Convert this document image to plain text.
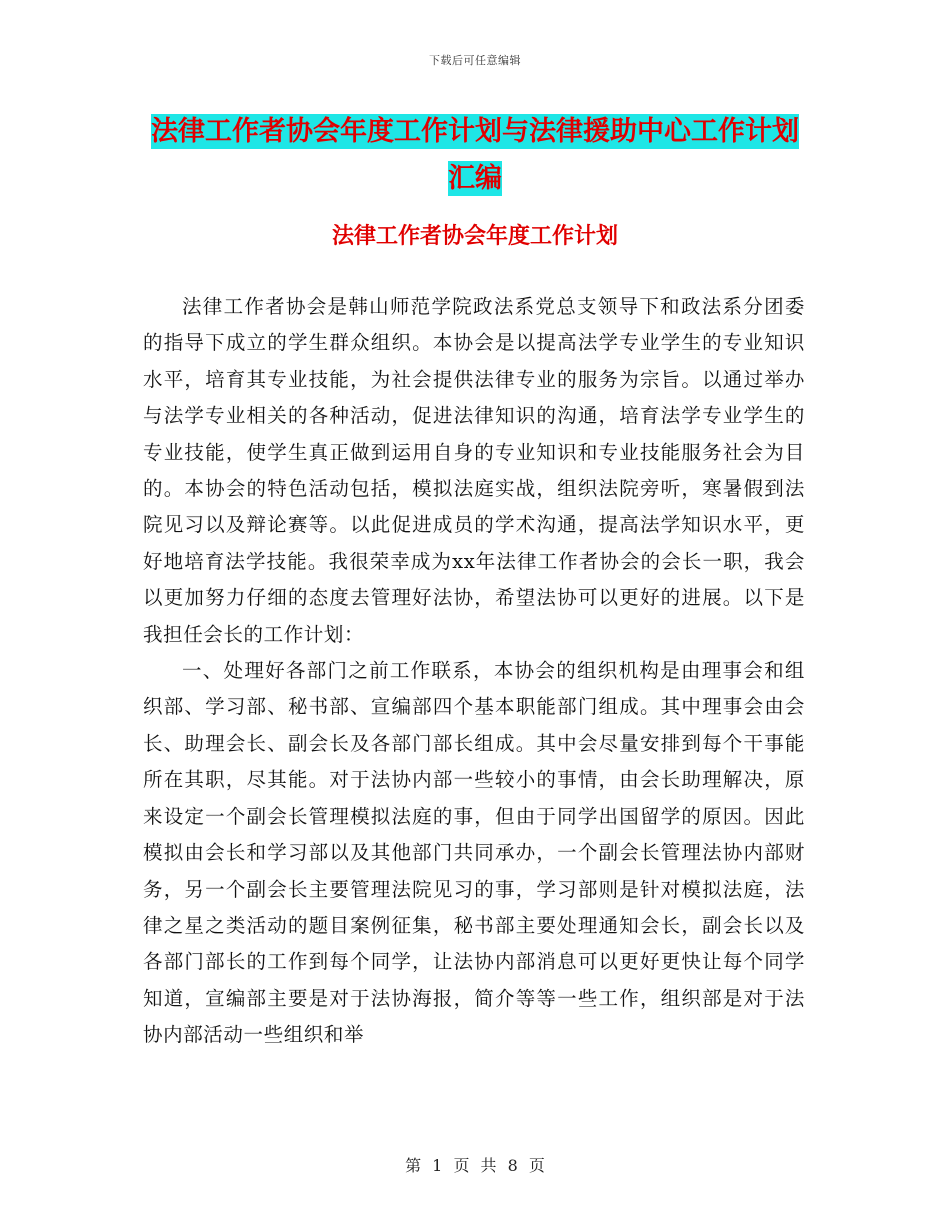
下载后可任意编辑
法律工作者协会年度工作计划与法律援助中心工作计划汇编
法律工作者协会年度工作计划

法律工作者协会是韩山师范学院政法系党总支领导下和政法系分团委的指导下成立的学生群众组织。本协会是以提高法学专业学生的专业知识水平，培育其专业技能，为社会提供法律专业的服务为宗旨。以通过举办与法学专业相关的各种活动，促进法律知识的沟通，培育法学专业学生的专业技能，使学生真正做到运用自身的专业知识和专业技能服务社会为目的。本协会的特色活动包括，模拟法庭实战，组织法院旁听，寒暑假到法院见习以及辩论赛等。以此促进成员的学术沟通，提高法学知识水平，更好地培育法学技能。我很荣幸成为xx年法律工作者协会的会长一职，我会以更加努力仔细的态度去管理好法协，希望法协可以更好的进展。以下是我担任会长的工作计划：

一、处理好各部门之前工作联系，本协会的组织机构是由理事会和组织部、学习部、秘书部、宣编部四个基本职能部门组成。其中理事会由会长、助理会长、副会长及各部门部长组成。其中会尽量安排到每个干事能所在其职，尽其能。对于法协内部一些较小的事情，由会长助理解决，原来设定一个副会长管理模拟法庭的事，但由于同学出国留学的原因。因此模拟由会长和学习部以及其他部门共同承办，一个副会长管理法协内部财务，另一个副会长主要管理法院见习的事，学习部则是针对模拟法庭，法律之星之类活动的题目案例征集，秘书部主要处理通知会长，副会长以及各部门部长的工作到每个同学，让法协内部消息可以更好更快让每个同学知道，宣编部主要是对于法协海报，简介等等一些工作，组织部是对于法协内部活动一些组织和举

第 1 页 共 8 页
